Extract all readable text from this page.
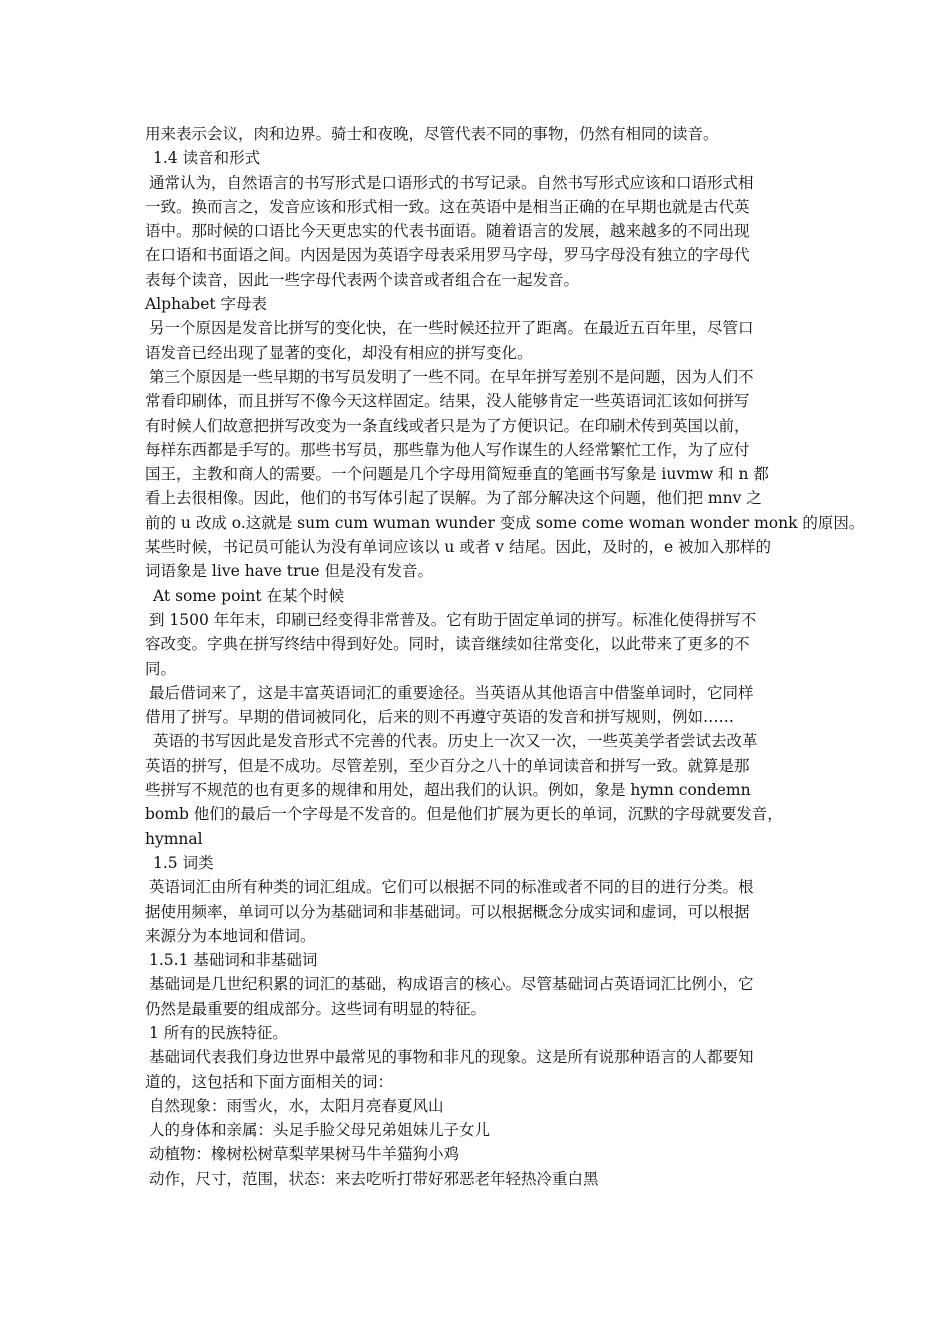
用来表示会议，肉和边界。骑士和夜晚，尽管代表不同的事物，仍然有相同的读音。
1.4 读音和形式
通常认为，自然语言的书写形式是口语形式的书写记录。自然书写形式应该和口语形式相
一致。换而言之，发音应该和形式相一致。这在英语中是相当正确的在早期也就是古代英
语中。那时候的口语比今天更忠实的代表书面语。随着语言的发展，越来越多的不同出现
在口语和书面语之间。内因是因为英语字母表采用罗马字母，罗马字母没有独立的字母代
表每个读音，因此一些字母代表两个读音或者组合在一起发音。
Alphabet 字母表
另一个原因是发音比拼写的变化快，在一些时候还拉开了距离。在最近五百年里，尽管口
语发音已经出现了显著的变化，却没有相应的拼写变化。
第三个原因是一些早期的书写员发明了一些不同。在早年拼写差别不是问题，因为人们不
常看印刷体，而且拼写不像今天这样固定。结果，没人能够肯定一些英语词汇该如何拼写
有时候人们故意把拼写改变为一条直线或者只是为了方便识记。在印刷术传到英国以前，
每样东西都是手写的。那些书写员，那些靠为他人写作谋生的人经常繁忙工作，为了应付
国王，主教和商人的需要。一个问题是几个字母用简短垂直的笔画书写象是 iuvmw 和 n 都
看上去很相像。因此，他们的书写体引起了误解。为了部分解决这个问题，他们把 mnv 之
前的 u 改成 o.这就是 sum cum wuman wunder 变成 some come woman wonder monk 的原因。
某些时候，书记员可能认为没有单词应该以 u 或者 v 结尾。因此，及时的，e 被加入那样的
词语象是 live have true 但是没有发音。
At some point 在某个时候
到 1500 年年末，印刷已经变得非常普及。它有助于固定单词的拼写。标准化使得拼写不
容改变。字典在拼写终结中得到好处。同时，读音继续如往常变化，以此带来了更多的不
同。
最后借词来了，这是丰富英语词汇的重要途径。当英语从其他语言中借鉴单词时，它同样
借用了拼写。早期的借词被同化，后来的则不再遵守英语的发音和拼写规则，例如……
英语的书写因此是发音形式不完善的代表。历史上一次又一次，一些英美学者尝试去改革
英语的拼写，但是不成功。尽管差别，至少百分之八十的单词读音和拼写一致。就算是那
些拼写不规范的也有更多的规律和用处，超出我们的认识。例如，象是 hymn condemn
bomb 他们的最后一个字母是不发音的。但是他们扩展为更长的单词，沉默的字母就要发音，
hymnal
1.5 词类
英语词汇由所有种类的词汇组成。它们可以根据不同的标准或者不同的目的进行分类。根
据使用频率，单词可以分为基础词和非基础词。可以根据概念分成实词和虚词，可以根据
来源分为本地词和借词。
1.5.1 基础词和非基础词
基础词是几世纪积累的词汇的基础，构成语言的核心。尽管基础词占英语词汇比例小，它
仍然是最重要的组成部分。这些词有明显的特征。
1 所有的民族特征。
基础词代表我们身边世界中最常见的事物和非凡的现象。这是所有说那种语言的人都要知
道的，这包括和下面方面相关的词：
自然现象：雨雪火，水，太阳月亮春夏风山
人的身体和亲属：头足手脸父母兄弟姐妹儿子女儿
动植物：橡树松树草梨苹果树马牛羊猫狗小鸡
动作，尺寸，范围，状态：来去吃听打带好邪恶老年轻热冷重白黑
